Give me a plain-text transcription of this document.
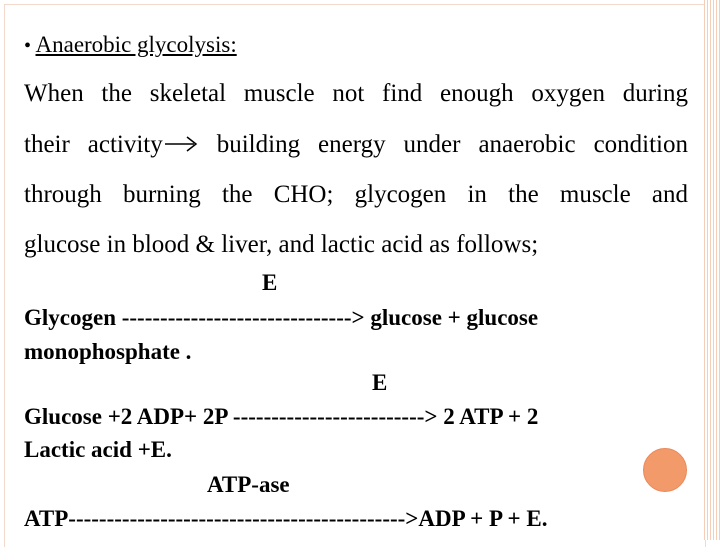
• Anaerobic glycolysis:
When the skeletal muscle not find enough oxygen during
their activity building energy under anaerobic condition
through burning the CHO; glycogen in the muscle and
glucose in blood & liver, and lactic acid as follows;
E
Glycogen ------------------------------> glucose + glucose
monophosphate .
E
Glucose +2 ADP+ 2P -------------------------> 2 ATP + 2
Lactic acid +E.
ATP-ase
ATP-------------------------------------------->ADP + P + E.
